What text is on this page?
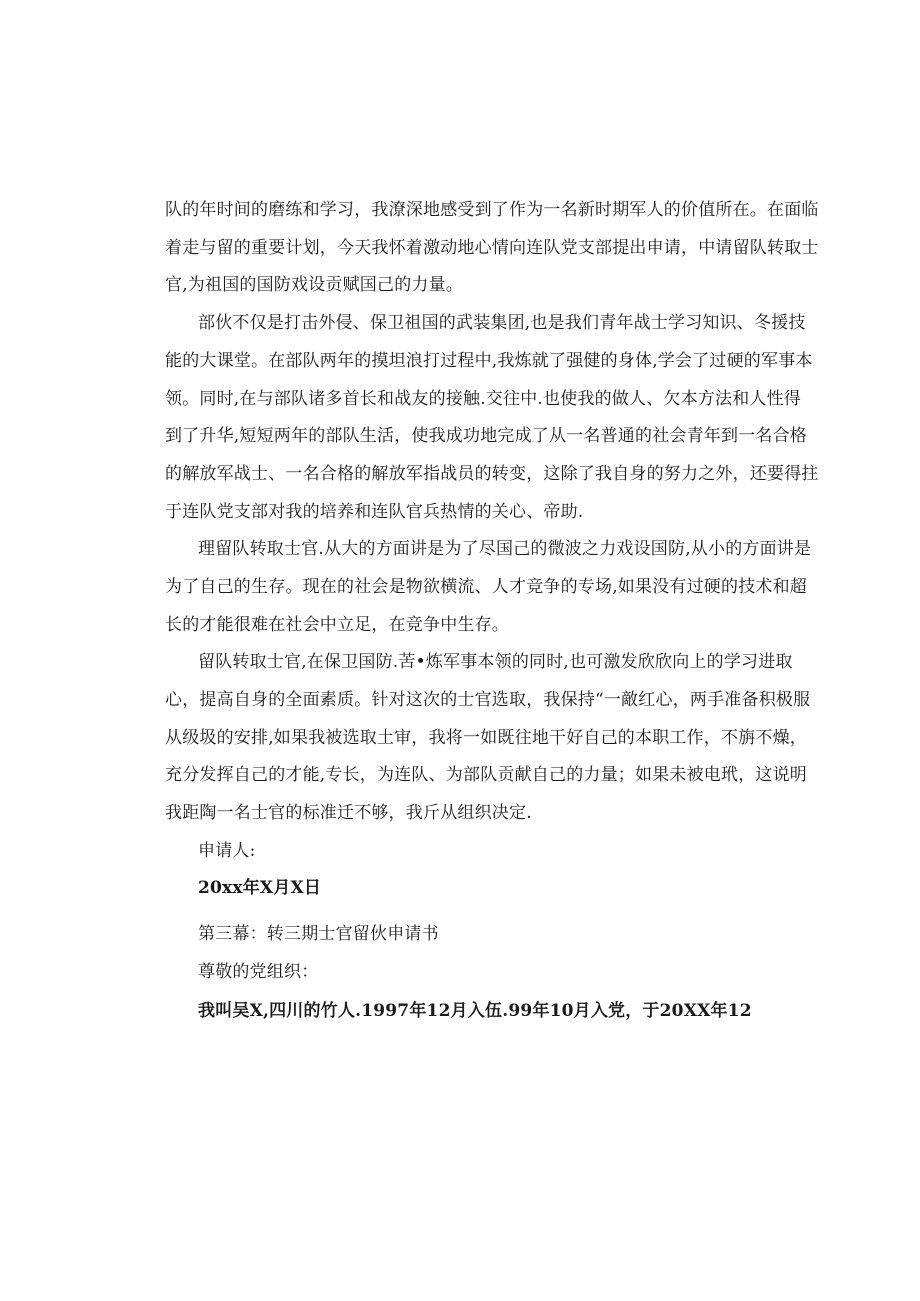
队的年时间的磨练和学习，我潦深地感受到了作为一名新时期军人的价值所在。在面临
着走与留的重要计划，今天我怀着激动地心情向连队党支部提出申请，中请留队转取士
官,为祖国的国防戏设贡赋国己的力量。
部伙不仅是打击外侵、保卫祖国的武装集团,也是我们青年战士学习知识、冬援技
能的大课堂。在部队两年的摸坦浪打过程中,我炼就了强健的身体,学会了过硬的军事本
领。同时,在与部队诸多首长和战友的接触.交往中.也使我的做人、欠本方法和人性得
到了升华,短短两年的部队生活，使我成功地完成了从一名普通的社会青年到一名合格
的解放军战士、一名合格的解放军指战员的转变，这除了我自身的努力之外，还要得拄
于连队党支部对我的培养和连队官兵热情的关心、帝助.
理留队转取士官.从大的方面讲是为了尽国己的微波之力戏设国防,从小的方面讲是
为了自己的生存。现在的社会是物欲横流、人才竞争的专场,如果没有过硬的技术和超
长的才能很难在社会中立足，在竞争中生存。
留队转取士官,在保卫国防.苦•炼军事本领的同时,也可激发欣欣向上的学习进取
心，提高自身的全面素质。针对这次的士官选取，我保持“一敵红心，两手准备积极服
从级圾的安排,如果我被选取土审，我将一如既往地干好自己的本职工作，不旃不燥，
充分发挥自己的才能,专长，为连队、为部队贡献自己的力量；如果未被电玳，这说明
我距陶一名士官的标准迁不够，我斤从组织决定.
申请人:
20xx年X月X日
第三幕：转三期士官留伙申请书
尊敬的党组织：
我叫吴X,四川的竹人.1997年12月入伍.99年10月入党，于20XX年12
